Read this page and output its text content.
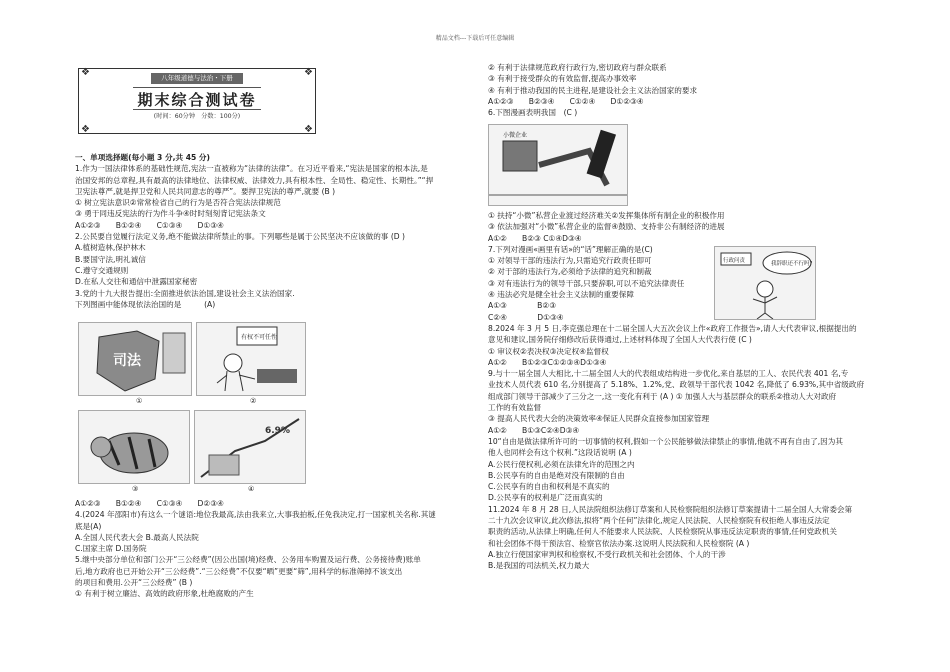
精品文档---下载后可任意编辑
❖	❖
❖	❖
八年级道德与法治・下册
期末综合测试卷
(时间：60分钟　分数：100分)
一、单项选择题(每小题 3 分,共 45 分)
1.作为一国法律体系的基础性规范,宪法一直被称为“法律的法律”。在习近平看来,“宪法是国家的根本法,是
治国安邦的总章程,具有最高的法律地位、法律权威、法律效力,具有根本性、全局性、稳定性、长期性。”“捍
卫宪法尊严,就是捍卫党和人民共同意志的尊严”。要捍卫宪法的尊严,就要 (B )
① 树立宪法意识②常常检省自己的行为是否符合宪法法律规范
③ 勇于同违反宪法的行为作斗争④时时刻刻背记宪法条文
A①②③　　B①②④　　C①③④　　D①③④
2.公民要自觉履行法定义务,绝不能做法律所禁止的事。下列哪些是属于公民坚决不应该做的事 (D )
A.植树造林,保护林木
B.要国守法,明礼诚信
C.遵守交通规则
D.在私人交往和通信中泄露国家秘密
3.党的十九大报告提出:全面推进依法治国,建设社会主义法治国家.
下列图画中能体现依法治国的是　　　(A)
司法
有权不可任性
①	②
6.9%
③	④
A①②③　　B①②④　　C①③④　　D②③④
4.(2024 年邵阳市)有这么一个谜语:地位我最高,法由我来立,大事我拍板,任免我决定,打一国家机关名称.其谜
底是(A)
A.全国人民代表大会 B.最高人民法院
C.国家主席 D.国务院
5.继中央部分单位和部门公开“三公经费”(因公出国(境)经费、公务用车购置及运行费、公务接待费)账单
后,地方政府也已开始公开“三公经费”.“三公经费”不仅要“晒”更要“筛”,用科学的标准筛掉不该支出
的项目和费用.公开“三公经费” (B )
① 有利于树立廉洁、高效的政府形象,杜绝腐败的产生
② 有利于法律规范政府行政行为,密切政府与群众联系
③ 有利于接受群众的有效监督,提高办事效率
④ 有利于推动我国的民主进程,是建设社会主义法治国家的要求
A①②③　　B②③④　　C①②④　　D①②③④
6.下图漫画表明我国　(C )
小微企业
① 扶持“小微”私营企业渡过经济难关②发挥集体所有制企业的积极作用
③ 依法加强对“小微”私营企业的监督④鼓励、支持非公有制经济的进展
A①②　　B②③ C①④D③④
7.下列对漫画«画里有话»的“话”理解正确的是(C)
① 对领导干部的违法行为,只需追究行政责任即可
② 对于部的违法行为,必须给予法律的追究和制裁
③ 对有违法行为的领导干部,只要辞职,可以不追究法律责任
④ 违法必究是健全社会主义法制的重要保障
A①③　　　　B②③
C②④　　　　D①③④
8.2024 年 3 月 5 日,李克强总理在十二届全国人大五次会议上作«政府工作报告»,请人大代表审议,根据提出的
意见和建议,国务院仔细修改后获得通过,上述材料体现了全国人大代表行使 (C )
① 审议权②表决权③决定权④监督权
A①②　　B①②③C①②③④D①③④
9.与十一届全国人大相比,十二届全国人大的代表组成结构进一步优化,来自基层的工人、农民代表 401 名,专
业技术人员代表 610 名,分别提高了 5.18%、1.2%,党、政领导干部代表 1042 名,降低了 6.93%,其中省级政府
组成部门领导干部减少了三分之一,这一变化有利于 (A ) ① 加强人大与基层群众的联系②推动人大对政府
工作的有效监督
③ 提高人民代表大会的决策效率④保证人民群众直接参加国家管理
A①②　　B①③C②④D③④
10“自由是做法律所许可的一切事情的权利,假如一个公民能够做法律禁止的事情,他就不再有自由了,因为其
他人也同样会有这个权利.”这段话说明 (A )
A.公民行使权利,必须在法律允许的范围之内
B.公民享有的自由是绝对没有限制的自由
C.公民享有的自由和权利是不真实的
D.公民享有的权利是广泛而真实的
11.2024 年 8 月 28 日,人民法院组织法修订草案和人民检察院组织法修订草案提请十二届全国人大常委会第
二十九次会议审议,此次修法,拟将“两个任何”法律化,规定人民法院、人民检察院有权拒绝人事违反法定
职责的活动,从法律上明确,任何人不能要求人民法院、人民检察院从事违反法定职责的事情,任何党政机关
和社会团体不得干预法官、检察官依法办案.这说明人民法院和人民检察院 (A )
A.独立行使国家审判权和检察权,不受行政机关和社会团体、个人的干涉
B.是我国的司法机关,权力最大
行政问责	我辞职还不行吗?
